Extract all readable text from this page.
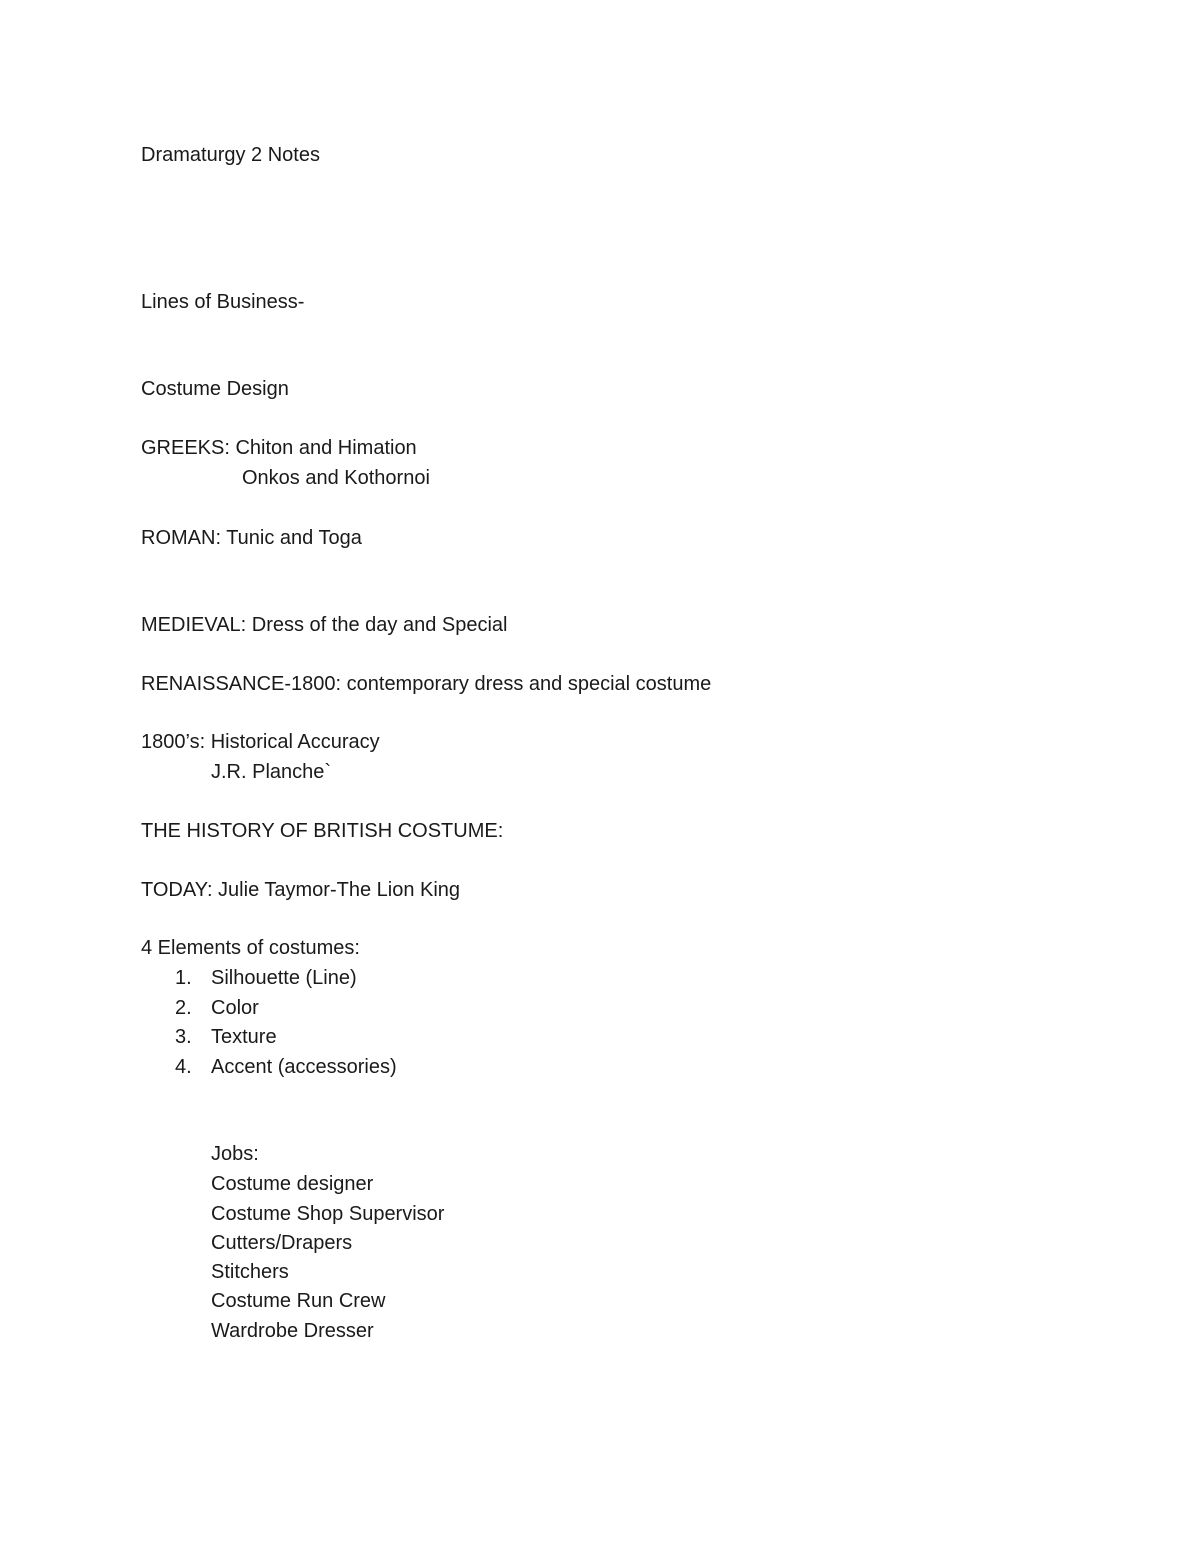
Dramaturgy 2 Notes
Lines of Business-
Costume Design
GREEKS: Chiton and Himation
Onkos and Kothornoi
ROMAN: Tunic and Toga
MEDIEVAL: Dress of the day and Special
RENAISSANCE-1800: contemporary dress and special costume
1800’s: Historical Accuracy
J.R. Planche`
THE HISTORY OF BRITISH COSTUME:
TODAY: Julie Taymor-The Lion King
4 Elements of costumes:
1. Silhouette (Line)
2. Color
3. Texture
4. Accent (accessories)
Jobs:
Costume designer
Costume Shop Supervisor
Cutters/Drapers
Stitchers
Costume Run Crew
Wardrobe Dresser
